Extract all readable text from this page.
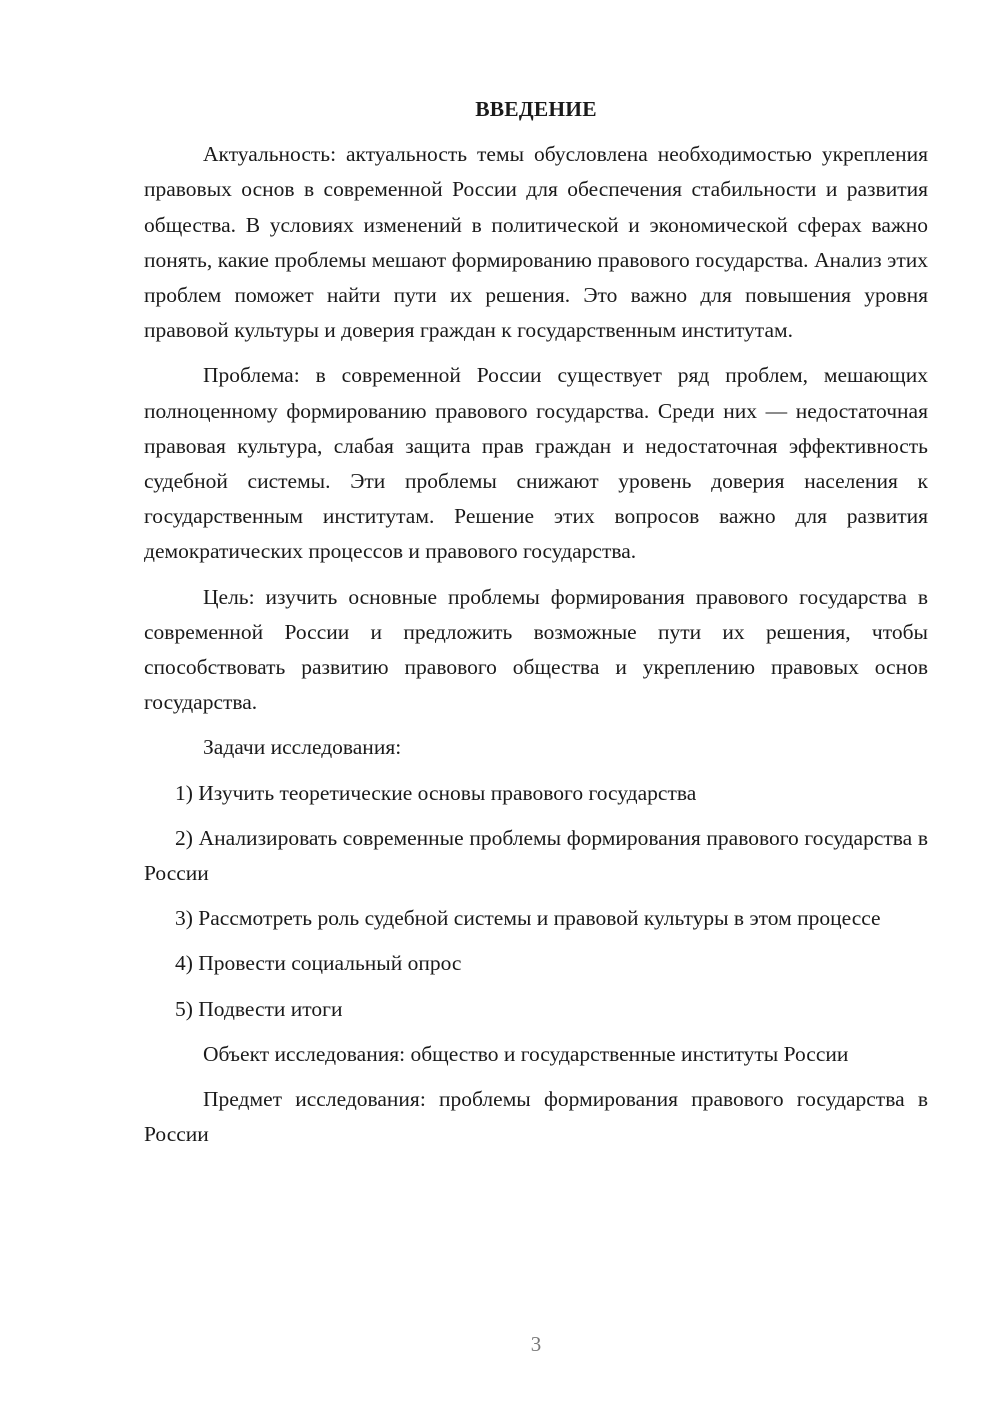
ВВЕДЕНИЕ

Актуальность: актуальность темы обусловлена необходимостью укрепления правовых основ в современной России для обеспечения стабильности и развития общества. В условиях изменений в политической и экономической сферах важно понять, какие проблемы мешают формированию правового государства. Анализ этих проблем поможет найти пути их решения. Это важно для повышения уровня правовой культуры и доверия граждан к государственным институтам.

Проблема: в современной России существует ряд проблем, мешающих полноценному формированию правового государства. Среди них — недостаточная правовая культура, слабая защита прав граждан и недостаточная эффективность судебной системы. Эти проблемы снижают уровень доверия населения к государственным институтам. Решение этих вопросов важно для развития демократических процессов и правового государства.

Цель: изучить основные проблемы формирования правового государства в современной России и предложить возможные пути их решения, чтобы способствовать развитию правового общества и укреплению правовых основ государства.

Задачи исследования:

1) Изучить теоретические основы правового государства

2) Анализировать современные проблемы формирования правового государства в России

3) Рассмотреть роль судебной системы и правовой культуры в этом процессе

4) Провести социальный опрос

5) Подвести итоги

Объект исследования: общество и государственные институты России

Предмет исследования: проблемы формирования правового государства в России

3
